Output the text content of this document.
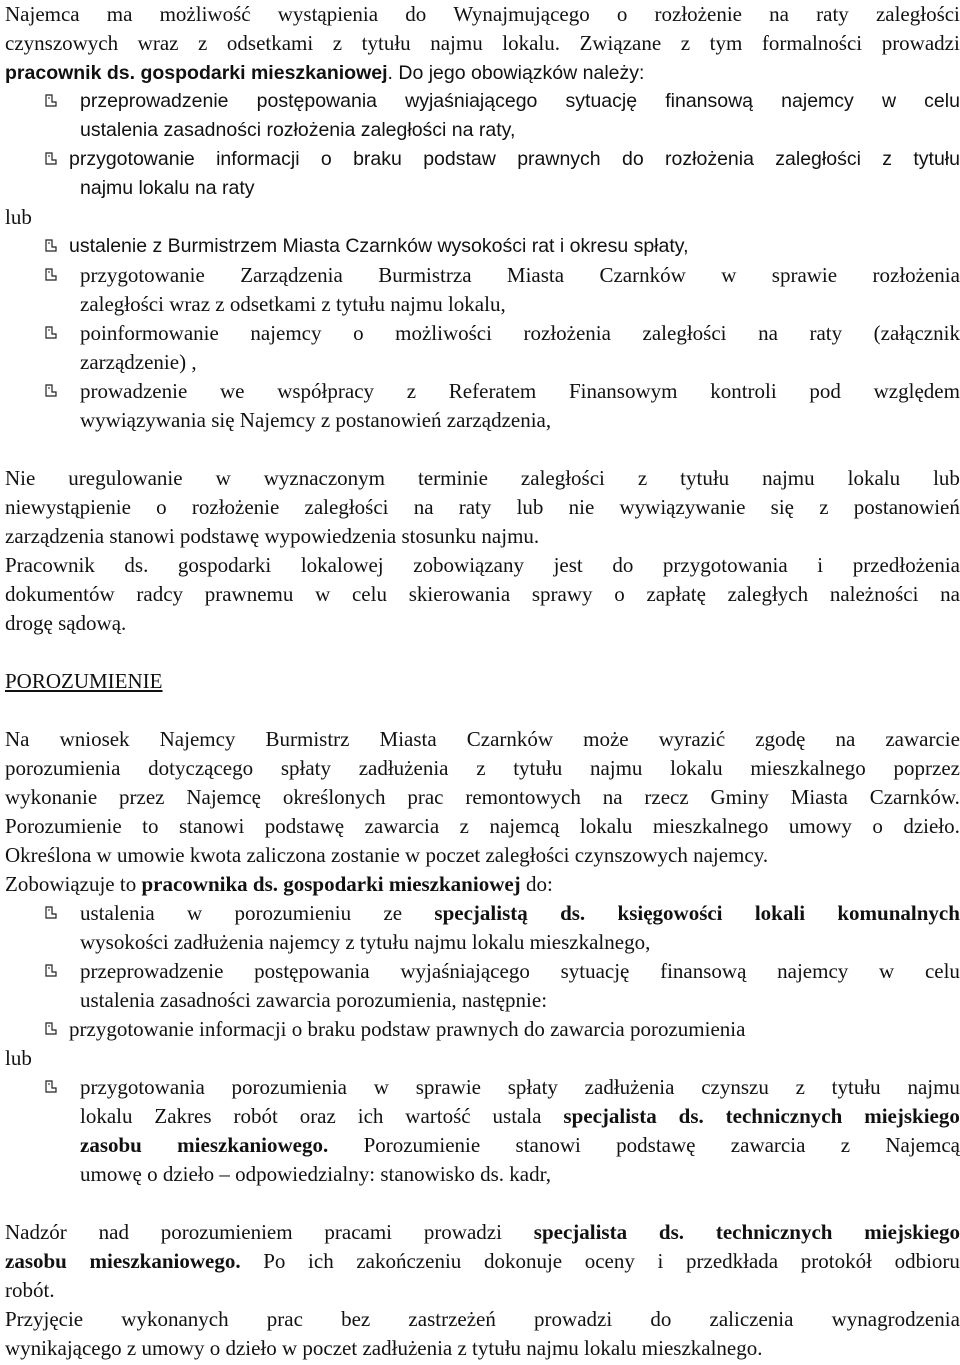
Najemca ma możliwość wystąpienia do Wynajmującego o rozłożenie na raty zaległości
czynszowych wraz z odsetkami z tytułu najmu lokalu. Związane z tym formalności prowadzi
pracownik ds. gospodarki mieszkaniowej. Do jego obowiązków należy:
przeprowadzenie postępowania wyjaśniającego sytuację finansową najemcy w celu
ustalenia zasadności rozłożenia zaległości na raty,
przygotowanie informacji o braku podstaw prawnych do rozłożenia zaległości z tytułu
najmu lokalu na raty
lub
ustalenie z Burmistrzem Miasta Czarnków wysokości rat i okresu spłaty,
przygotowanie Zarządzenia Burmistrza Miasta Czarnków w sprawie rozłożenia
zaległości wraz z odsetkami z tytułu najmu lokalu,
poinformowanie najemcy o możliwości rozłożenia zaległości na raty (załącznik
zarządzenie) ,
prowadzenie we współpracy z Referatem Finansowym kontroli pod względem
wywiązywania się Najemcy z postanowień zarządzenia,
Nie uregulowanie w wyznaczonym terminie zaległości z tytułu najmu lokalu lub
niewystąpienie o rozłożenie zaległości na raty lub nie wywiązywanie się z postanowień
zarządzenia stanowi podstawę wypowiedzenia stosunku najmu.
Pracownik ds. gospodarki lokalowej zobowiązany jest do przygotowania i przedłożenia
dokumentów radcy prawnemu w celu skierowania sprawy o zapłatę zaległych należności na
drogę sądową.
POROZUMIENIE
Na wniosek Najemcy Burmistrz Miasta Czarnków może wyrazić zgodę na zawarcie
porozumienia dotyczącego spłaty zadłużenia z tytułu najmu lokalu mieszkalnego poprzez
wykonanie przez Najemcę określonych prac remontowych na rzecz Gminy Miasta Czarnków.
Porozumienie to stanowi podstawę zawarcia z najemcą lokalu mieszkalnego umowy o dzieło.
Określona w umowie kwota zaliczona zostanie w poczet zaległości czynszowych najemcy.
Zobowiązuje to pracownika ds. gospodarki mieszkaniowej do:
ustalenia w porozumieniu ze specjalistą ds. księgowości lokali komunalnych
wysokości zadłużenia najemcy z tytułu najmu lokalu mieszkalnego,
przeprowadzenie postępowania wyjaśniającego sytuację finansową najemcy w celu
ustalenia zasadności zawarcia porozumienia, następnie:
przygotowanie informacji o braku podstaw prawnych do zawarcia porozumienia
lub
przygotowania porozumienia w sprawie spłaty zadłużenia czynszu z tytułu najmu
lokalu Zakres robót oraz ich wartość ustala specjalista ds. technicznych miejskiego
zasobu mieszkaniowego. Porozumienie stanowi podstawę zawarcia z Najemcą
umowę o dzieło – odpowiedzialny: stanowisko ds. kadr,
Nadzór nad porozumieniem pracami prowadzi specjalista ds. technicznych miejskiego
zasobu mieszkaniowego. Po ich zakończeniu dokonuje oceny i przedkłada protokół odbioru
robót.
Przyjęcie wykonanych prac bez zastrzeżeń prowadzi do zaliczenia wynagrodzenia
wynikającego z umowy o dzieło w poczet zadłużenia z tytułu najmu lokalu mieszkalnego.
